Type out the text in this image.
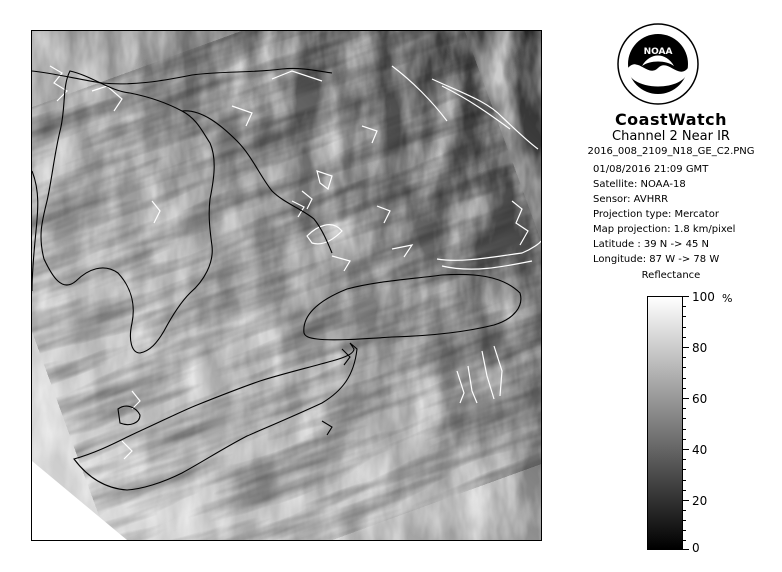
NOAA
CoastWatch
Channel 2 Near IR
2016_008_2109_N18_GE_C2.PNG
01/08/2016 21:09 GMT
Satellite: NOAA-18
Sensor: AVHRR
Projection type: Mercator
Map projection: 1.8 km/pixel
Latitude : 39 N -> 45 N
Longitude: 87 W -> 78 W
Reflectance
%
100
80
60
40
20
0
